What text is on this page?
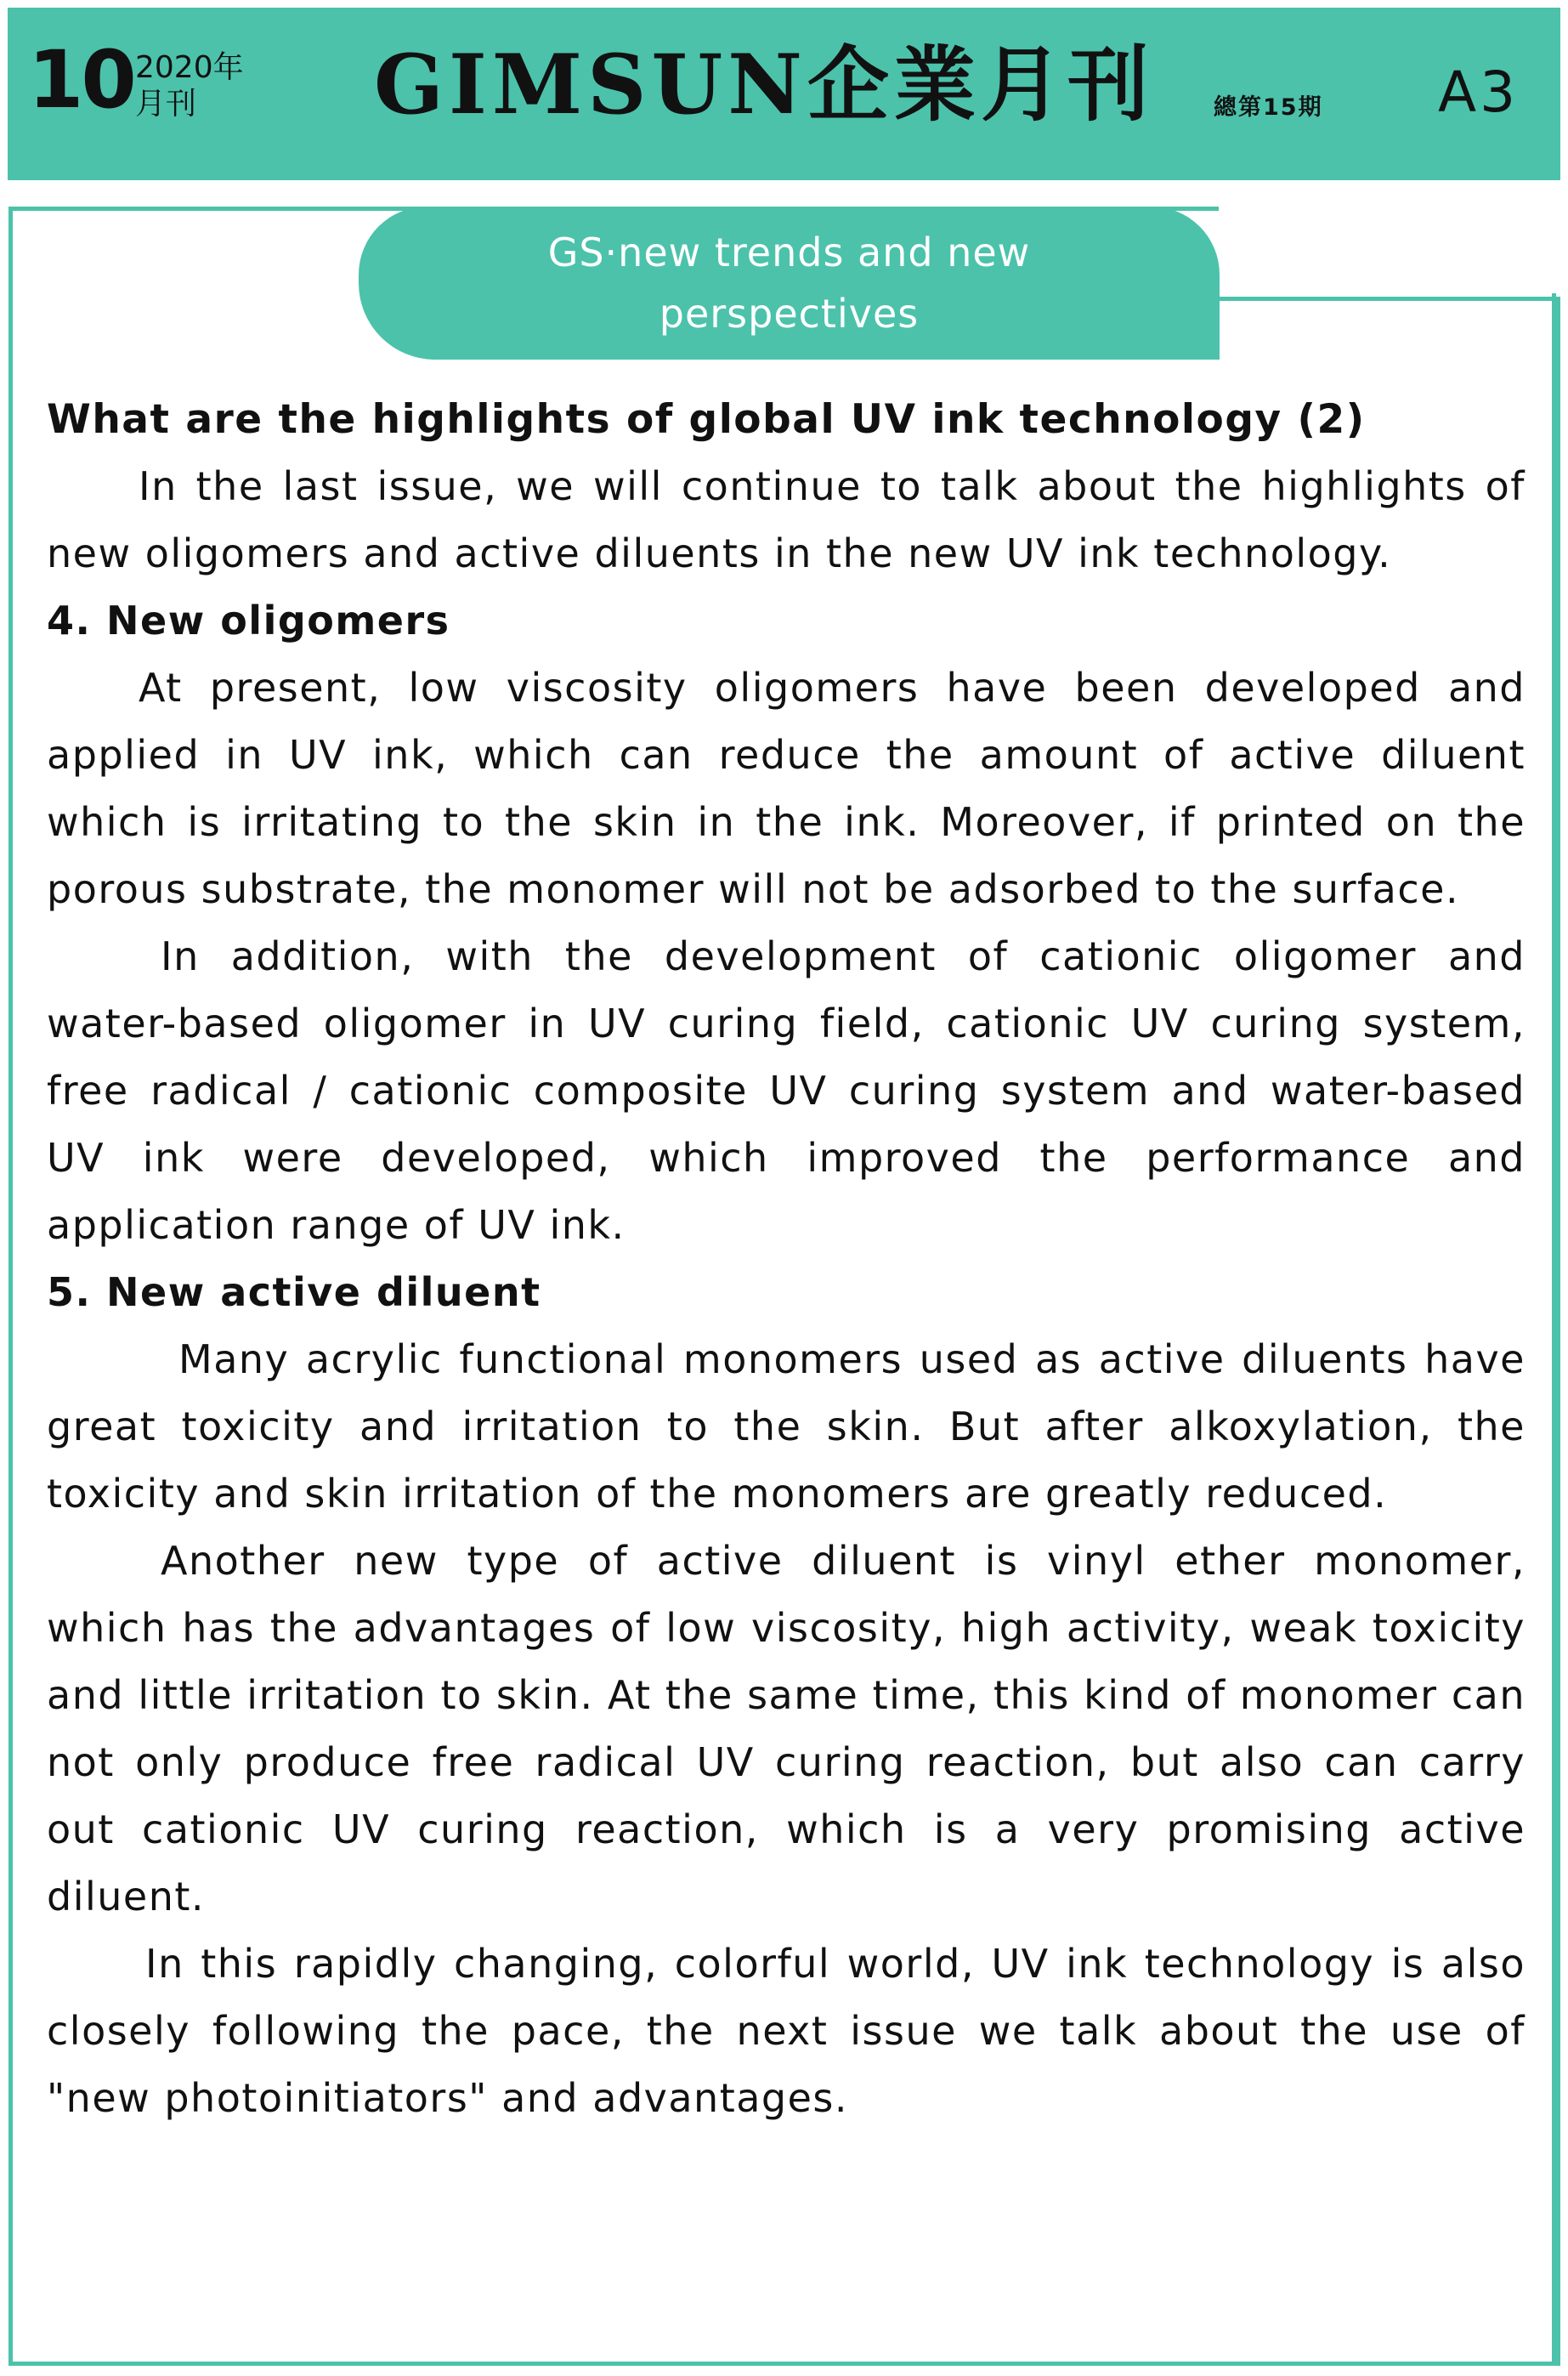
10 2020年
月刊 GIMSUN企業月刊	總第15期 A3
GS·new trends and new perspectives
What are the highlights of global UV ink technology (2)

In the last issue, we will continue to talk about the highlights of new oligomers and active diluents in the new UV ink technology.

4. New oligomers

At present, low viscosity oligomers have been developed and applied in UV ink, which can reduce the amount of active diluent which is irritating to the skin in the ink. Moreover, if printed on the porous substrate, the monomer will not be adsorbed to the surface.

In addition, with the development of cationic oligomer and water-based oligomer in UV curing field, cationic UV curing system, free radical / cationic composite UV curing system and water-based UV ink were developed, which improved the performance and application range of UV ink.

5. New active diluent

Many acrylic functional monomers used as active diluents have great toxicity and irritation to the skin. But after alkoxylation, the toxicity and skin irritation of the monomers are greatly reduced.

Another new type of active diluent is vinyl ether monomer, which has the advantages of low viscosity, high activity, weak toxicity and little irritation to skin. At the same time, this kind of monomer can not only produce free radical UV curing reaction, but also can carry out cationic UV curing reaction, which is a very promising active diluent.

In this rapidly changing, colorful world, UV ink technology is also closely following the pace, the next issue we talk about the use of "new photoinitiators" and advantages.
